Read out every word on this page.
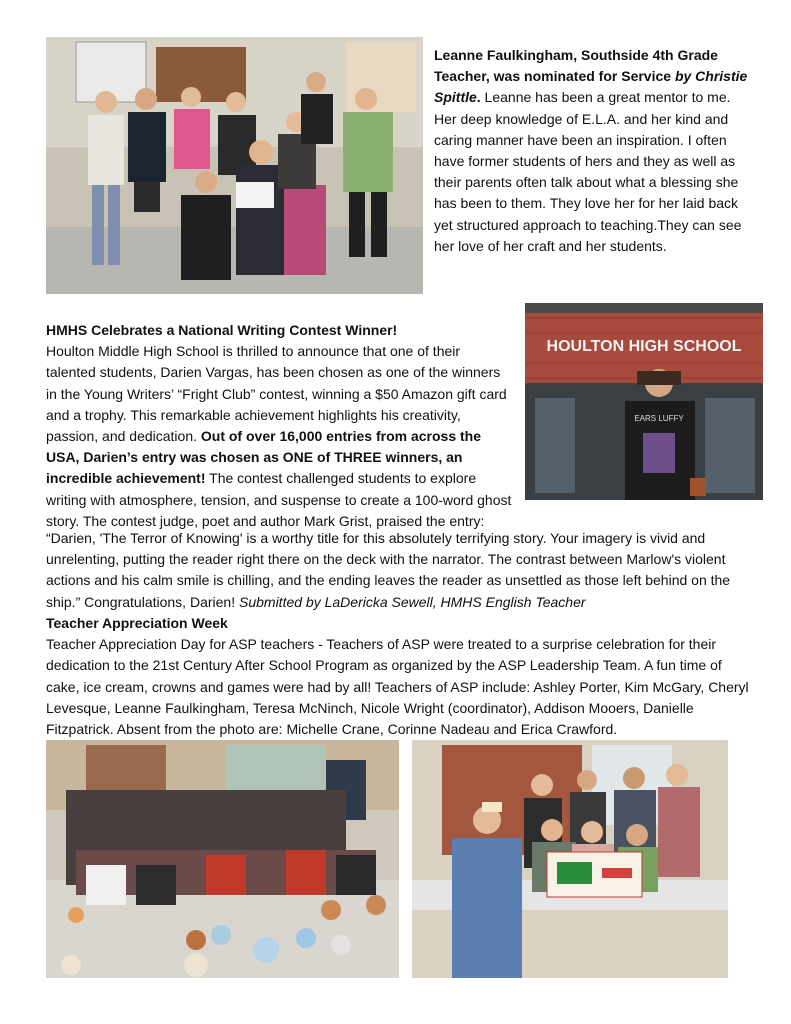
Leanne Faulkingham, Southside 4th Grade Teacher, was nominated for Service by Christie Spittle. Leanne has been a great mentor to me. Her deep knowledge of E.L.A. and her kind and caring manner have been an inspiration. I often have former students of hers and they as well as their parents often talk about what a blessing she has been to them. They love her for her laid back yet structured approach to teaching.They can see her love of her craft and her students.
HMHS Celebrates a National Writing Contest Winner!
Houlton Middle High School is thrilled to announce that one of their talented students, Darien Vargas, has been chosen as one of the winners in the Young Writers’ “Fright Club” contest, winning a $50 Amazon gift card and a trophy. This remarkable achievement highlights his creativity, passion, and dedication. Out of over 16,000 entries from across the USA, Darien’s entry was chosen as ONE of THREE winners, an incredible achievement! The contest challenged students to explore writing with atmosphere, tension, and suspense to create a 100-word ghost story. The contest judge, poet and author Mark Grist, praised the entry:
HOULTON HIGH SCHOOL
EARS LUFFY
“Darien, 'The Terror of Knowing' is a worthy title for this absolutely terrifying story. Your imagery is vivid and unrelenting, putting the reader right there on the deck with the narrator. The contrast between Marlow's violent actions and his calm smile is chilling, and the ending leaves the reader as unsettled as those left behind on the ship.” Congratulations, Darien! Submitted by LaDericka Sewell, HMHS English Teacher
Teacher Appreciation Week
Teacher Appreciation Day for ASP teachers - Teachers of ASP were treated to a surprise celebration for their dedication to the 21st Century After School Program as organized by the ASP Leadership Team. A fun time of cake, ice cream, crowns and games were had by all! Teachers of ASP include: Ashley Porter, Kim McGary, Cheryl Levesque, Leanne Faulkingham, Teresa McNinch, Nicole Wright (coordinator), Addison Mooers, Danielle Fitzpatrick. Absent from the photo are: Michelle Crane, Corinne Nadeau and Erica Crawford.
